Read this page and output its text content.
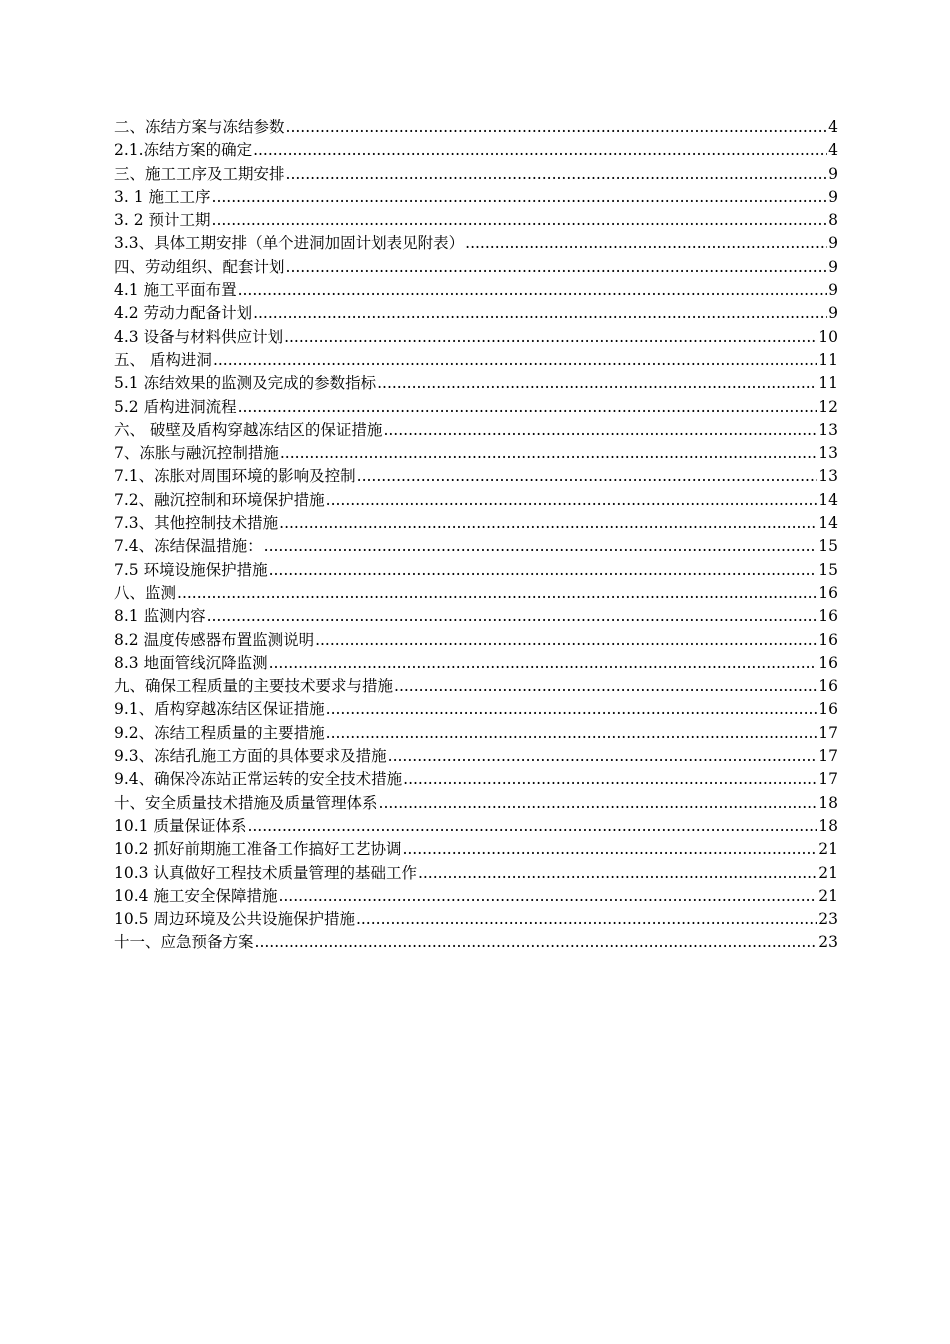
二、冻结方案与冻结参数 .....	4
2.1.冻结方案的确定 .....	4
三、施工工序及工期安排 .....	9
3. 1 施工工序 .....	9
3. 2 预计工期 .....	8
3.3、具体工期安排（单个进洞加固计划表见附表） .....	9
四、劳动组织、配套计划 .....	9
4.1 施工平面布置 .....	9
4.2 劳动力配备计划 .....	9
4.3 设备与材料供应计划 .....	10
五、 盾构进洞 .....	11
5.1 冻结效果的监测及完成的参数指标 .....	11
5.2 盾构进洞流程 .....	12
六、 破壁及盾构穿越冻结区的保证措施 .....	13
7、冻胀与融沉控制措施 .....	13
7.1、冻胀对周围环境的影响及控制 .....	13
7.2、融沉控制和环境保护措施 .....	14
7.3、其他控制技术措施 .....	14
7.4、冻结保温措施： .....	15
7.5 环境设施保护措施 .....	15
八、监测 .....	16
8.1 监测内容 .....	16
8.2 温度传感器布置监测说明 .....	16
8.3 地面管线沉降监测 .....	16
九、确保工程质量的主要技术要求与措施 .....	16
9.1、盾构穿越冻结区保证措施 .....	16
9.2、冻结工程质量的主要措施 .....	17
9.3、冻结孔施工方面的具体要求及措施 .....	17
9.4、确保冷冻站正常运转的安全技术措施 .....	17
十、安全质量技术措施及质量管理体系 .....	18
10.1 质量保证体系 .....	18
10.2 抓好前期施工准备工作搞好工艺协调 .....	21
10.3 认真做好工程技术质量管理的基础工作 .....	21
10.4 施工安全保障措施 .....	21
10.5 周边环境及公共设施保护措施 .....	23
十一、应急预备方案 .....	23
